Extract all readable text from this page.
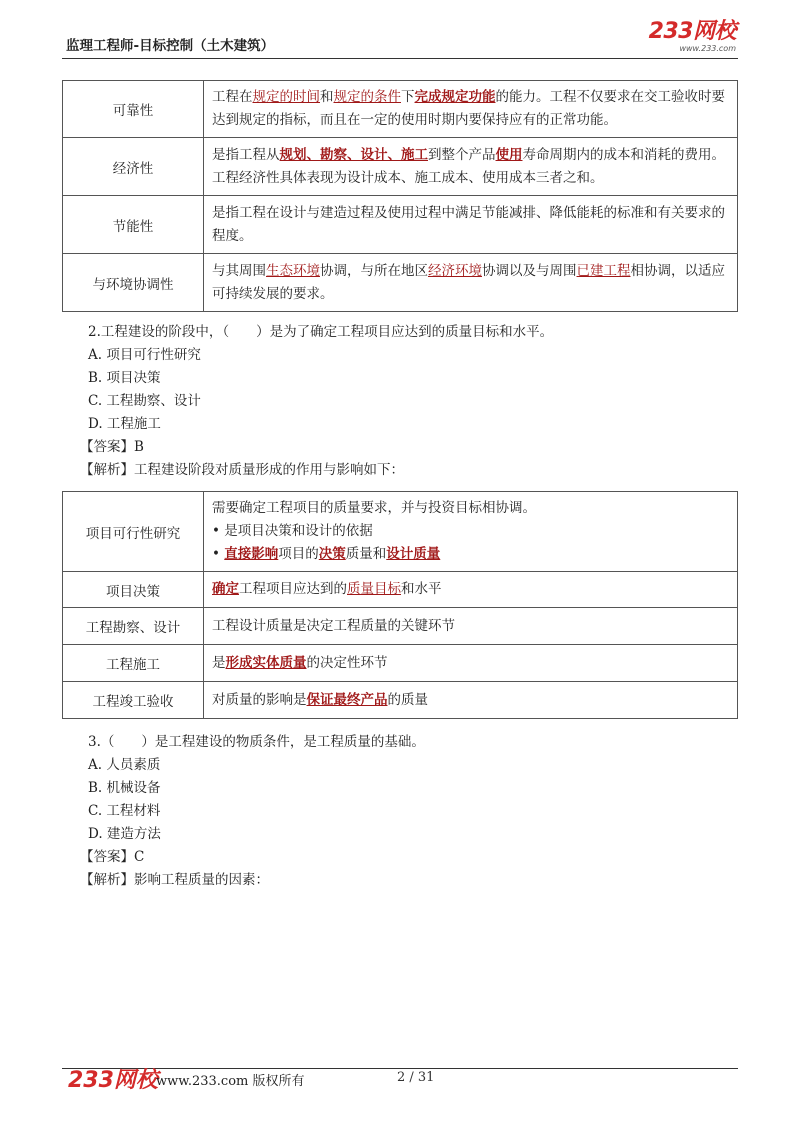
监理工程师-目标控制（土木建筑）
233网校
www.233.com
可靠性	工程在规定的时间和规定的条件下完成规定功能的能力。工程不仅要求在交工验收时要达到规定的指标，而且在一定的使用时期内要保持应有的正常功能。
经济性	是指工程从规划、勘察、设计、施工到整个产品使用寿命周期内的成本和消耗的费用。工程经济性具体表现为设计成本、施工成本、使用成本三者之和。
节能性	是指工程在设计与建造过程及使用过程中满足节能减排、降低能耗的标准和有关要求的程度。
与环境协调性	与其周围生态环境协调，与所在地区经济环境协调以及与周围已建工程相协调，以适应可持续发展的要求。
2.工程建设的阶段中，（　　）是为了确定工程项目应达到的质量目标和水平。
A. 项目可行性研究
B. 项目决策
C. 工程勘察、设计
D. 工程施工
【答案】B
【解析】工程建设阶段对质量形成的作用与影响如下：
项目可行性研究	需要确定工程项目的质量要求，并与投资目标相协调。
• 是项目决策和设计的依据
• 直接影响项目的决策质量和设计质量

项目决策	确定工程项目应达到的质量目标和水平
工程勘察、设计	工程设计质量是决定工程质量的关键环节
工程施工	是形成实体质量的决定性环节
工程竣工验收	对质量的影响是保证最终产品的质量
3.（　　）是工程建设的物质条件，是工程质量的基础。
A. 人员素质
B. 机械设备
C. 工程材料
D. 建造方法
【答案】C
【解析】影响工程质量的因素：
233网校
www.233.com 版权所有	2 / 31
